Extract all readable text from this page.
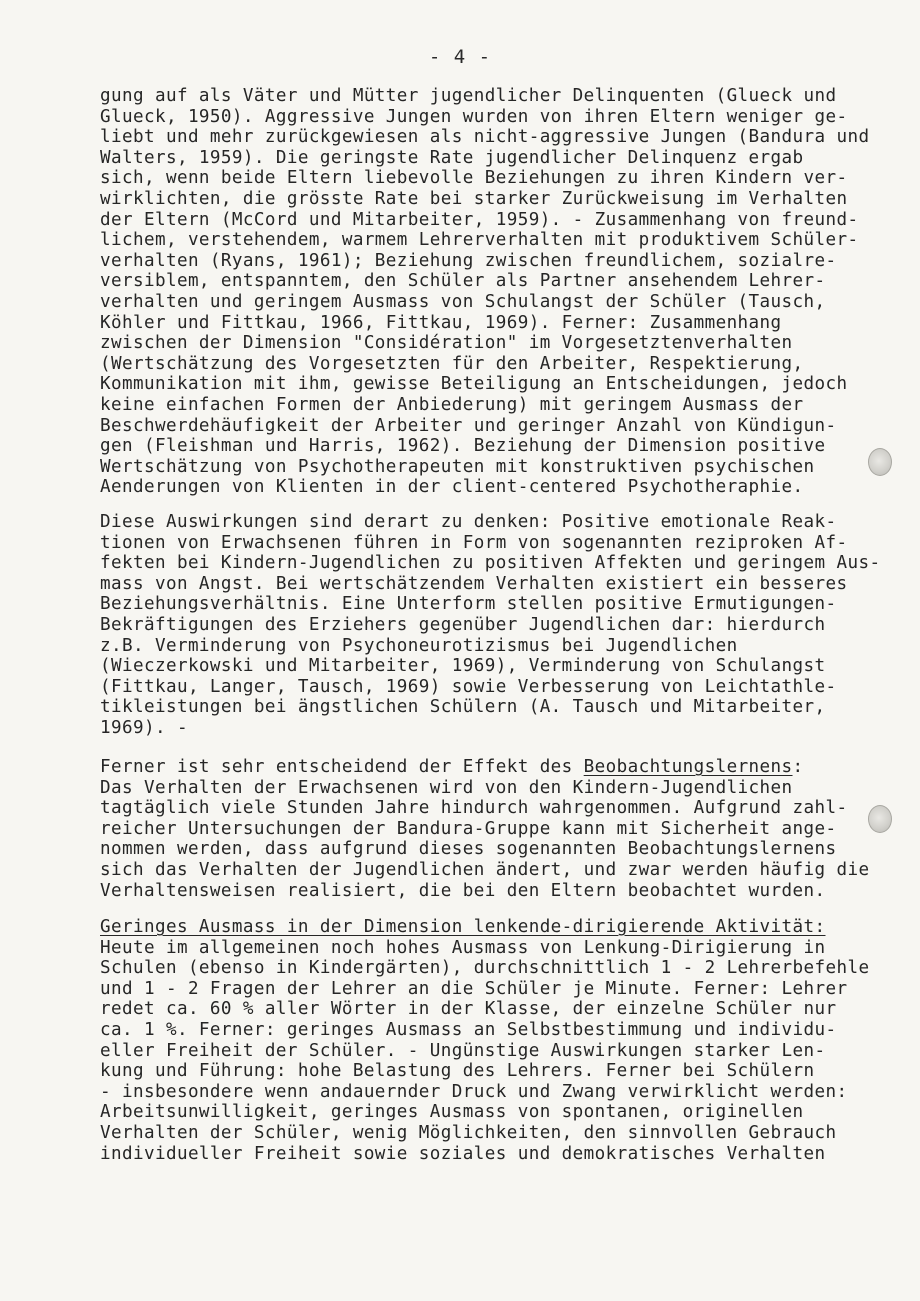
- 4 -
gung auf als Väter und Mütter jugendlicher Delinquenten (Glueck und
Glueck, 1950). Aggressive Jungen wurden von ihren Eltern weniger ge-
liebt und mehr zurückgewiesen als nicht-aggressive Jungen (Bandura und
Walters, 1959). Die geringste Rate jugendlicher Delinquenz ergab
sich, wenn beide Eltern liebevolle Beziehungen zu ihren Kindern ver-
wirklichten, die grösste Rate bei starker Zurückweisung im Verhalten
der Eltern (McCord und Mitarbeiter, 1959). - Zusammenhang von freund-
lichem, verstehendem, warmem Lehrerverhalten mit produktivem Schüler-
verhalten (Ryans, 1961); Beziehung zwischen freundlichem, sozialre-
versiblem, entspanntem, den Schüler als Partner ansehendem Lehrer-
verhalten und geringem Ausmass von Schulangst der Schüler (Tausch,
Köhler und Fittkau, 1966, Fittkau, 1969). Ferner: Zusammenhang
zwischen der Dimension "Considération" im Vorgesetztenverhalten
(Wertschätzung des Vorgesetzten für den Arbeiter, Respektierung,
Kommunikation mit ihm, gewisse Beteiligung an Entscheidungen, jedoch
keine einfachen Formen der Anbiederung) mit geringem Ausmass der
Beschwerdehäufigkeit der Arbeiter und geringer Anzahl von Kündigun-
gen (Fleishman und Harris, 1962). Beziehung der Dimension positive
Wertschätzung von Psychotherapeuten mit konstruktiven psychischen
Aenderungen von Klienten in der client-centered Psychotheraphie.
Diese Auswirkungen sind derart zu denken: Positive emotionale Reak-
tionen von Erwachsenen führen in Form von sogenannten reziproken Af-
fekten bei Kindern-Jugendlichen zu positiven Affekten und geringem Aus-
mass von Angst. Bei wertschätzendem Verhalten existiert ein besseres
Beziehungsverhältnis. Eine Unterform stellen positive Ermutigungen-
Bekräftigungen des Erziehers gegenüber Jugendlichen dar: hierdurch
z.B. Verminderung von Psychoneurotizismus bei Jugendlichen
(Wieczerkowski und Mitarbeiter, 1969), Verminderung von Schulangst
(Fittkau, Langer, Tausch, 1969) sowie Verbesserung von Leichtathle-
tikleistungen bei ängstlichen Schülern (A. Tausch und Mitarbeiter,
1969). -
Ferner ist sehr entscheidend der Effekt des Beobachtungslernens:
Das Verhalten der Erwachsenen wird von den Kindern-Jugendlichen
tagtäglich viele Stunden Jahre hindurch wahrgenommen. Aufgrund zahl-
reicher Untersuchungen der Bandura-Gruppe kann mit Sicherheit ange-
nommen werden, dass aufgrund dieses sogenannten Beobachtungslernens
sich das Verhalten der Jugendlichen ändert, und zwar werden häufig die
Verhaltensweisen realisiert, die bei den Eltern beobachtet wurden.
Geringes Ausmass in der Dimension lenkende-dirigierende Aktivität:
Heute im allgemeinen noch hohes Ausmass von Lenkung-Dirigierung in
Schulen (ebenso in Kindergärten), durchschnittlich 1 - 2 Lehrerbefehle
und 1 - 2 Fragen der Lehrer an die Schüler je Minute. Ferner: Lehrer
redet ca. 60 % aller Wörter in der Klasse, der einzelne Schüler nur
ca. 1 %. Ferner: geringes Ausmass an Selbstbestimmung und individu-
eller Freiheit der Schüler. - Ungünstige Auswirkungen starker Len-
kung und Führung: hohe Belastung des Lehrers. Ferner bei Schülern
- insbesondere wenn andauernder Druck und Zwang verwirklicht werden:
Arbeitsunwilligkeit, geringes Ausmass von spontanen, originellen
Verhalten der Schüler, wenig Möglichkeiten, den sinnvollen Gebrauch
individueller Freiheit sowie soziales und demokratisches Verhalten
